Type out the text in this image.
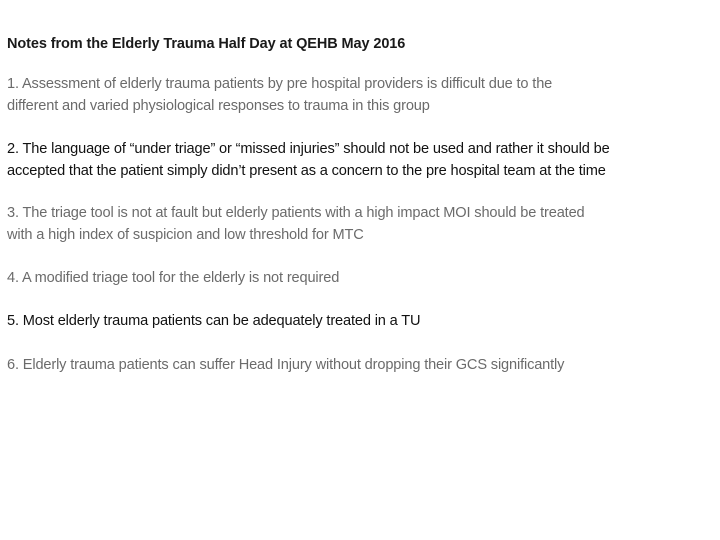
Notes from the Elderly Trauma Half Day at QEHB May 2016
1. Assessment of elderly trauma patients by pre hospital providers is difficult due to the
different and varied physiological responses to trauma in this group
2. The language of “under triage” or “missed injuries” should not be used and rather it should be
accepted that the patient simply didn’t present as a concern to the pre hospital team at the time
3. The triage tool is not at fault but elderly patients with a high impact MOI should be treated
with a high index of suspicion and low threshold for MTC
4. A modified triage tool for the elderly is not required
5. Most elderly trauma patients can be adequately treated in a TU
6. Elderly trauma patients can suffer Head Injury without dropping their GCS significantly
